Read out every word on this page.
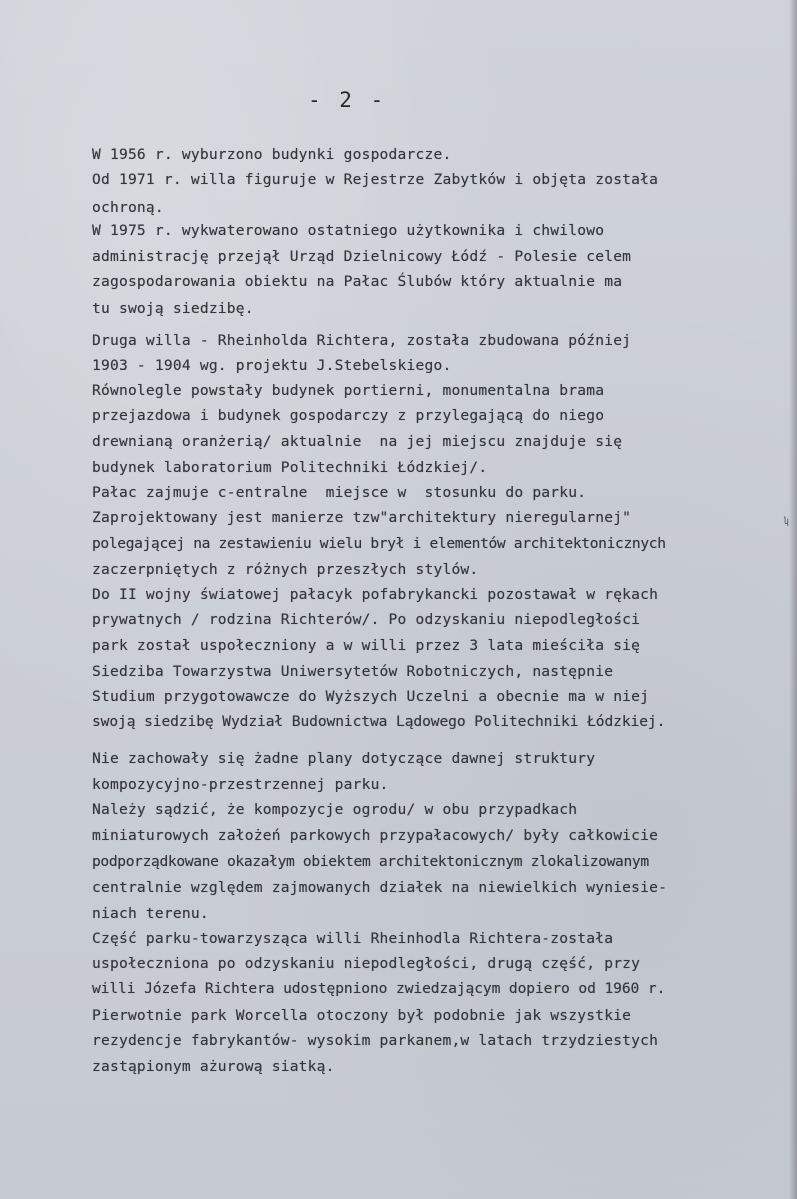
- 2 -
W 1956 r. wyburzono budynki gospodarcze.
Od 1971 r. willa figuruje w Rejestrze Zabytków i objęta została
ochroną.
W 1975 r. wykwaterowano ostatniego użytkownika i chwilowo
administrację przejął Urząd Dzielnicowy Łódź - Polesie celem
zagospodarowania obiektu na Pałac Ślubów który aktualnie ma
tu swoją siedzibę.
Druga willa - Rheinholda Richtera, została zbudowana później
1903 - 1904 wg. projektu J.Stebelskiego.
Równolegle powstały budynek portierni, monumentalna brama
przejazdowa i budynek gospodarczy z przylegającą do niego
drewnianą oranżerią/ aktualnie  na jej miejscu znajduje się
budynek laboratorium Politechniki Łódzkiej/.
Pałac zajmuje c-entralne  miejsce w  stosunku do parku.
Zaprojektowany jest manierze tzw"architektury nieregularnej"
polegającej na zestawieniu wielu brył i elementów architektonicznych
zaczerpniętych z różnych przeszłych stylów.
Do II wojny światowej pałacyk pofabrykancki pozostawał w rękach
prywatnych / rodzina Richterów/. Po odzyskaniu niepodległości
park został uspołeczniony a w willi przez 3 lata mieściła się
Siedziba Towarzystwa Uniwersytetów Robotniczych, następnie
Studium przygotowawcze do Wyższych Uczelni a obecnie ma w niej
swoją siedzibę Wydział Budownictwa Lądowego Politechniki Łódzkiej.
Nie zachowały się żadne plany dotyczące dawnej struktury
kompozycyjno-przestrzennej parku.
Należy sądzić, że kompozycje ogrodu/ w obu przypadkach
miniaturowych założeń parkowych przypałacowych/ były całkowicie
podporządkowane okazałym obiektem architektonicznym zlokalizowanym
centralnie względem zajmowanych działek na niewielkich wyniesie-
niach terenu.
Część parku-towarzysząca willi Rheinhodla Richtera-została
uspołeczniona po odzyskaniu niepodległości, drugą część, przy
willi Józefa Richtera udostępniono zwiedzającym dopiero od 1960 r.
Pierwotnie park Worcella otoczony był podobnie jak wszystkie
rezydencje fabrykantów- wysokim parkanem,w latach trzydziestych
zastąpionym ażurową siatką.
ʮ
